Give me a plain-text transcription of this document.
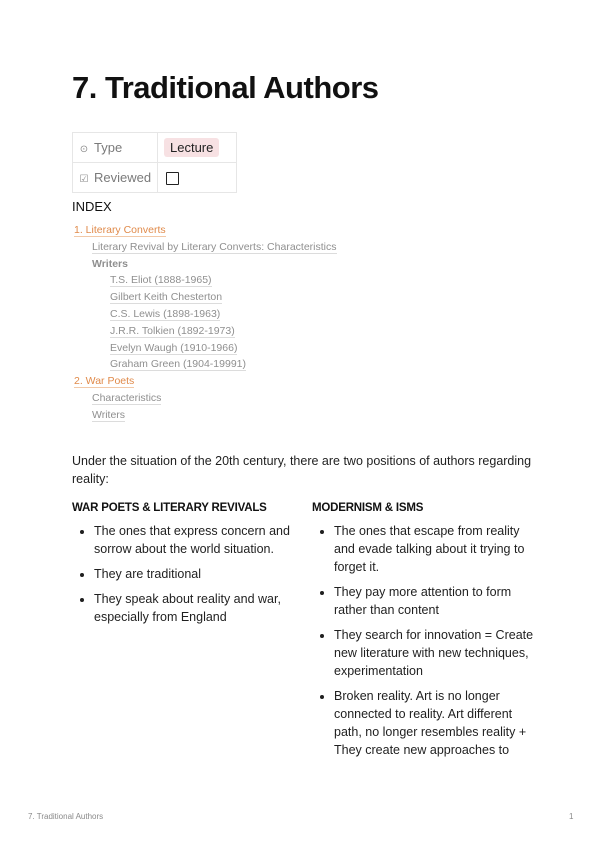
7. Traditional Authors
⊙ Type	Lecture
☑ Reviewed	
INDEX
1. Literary Converts
Literary Revival by Literary Converts: Characteristics
Writers
T.S. Eliot (1888-1965)
Gilbert Keith Chesterton
C.S. Lewis (1898-1963)
J.R.R. Tolkien (1892-1973)
Evelyn Waugh (1910-1966)
Graham Green (1904-19991)
2. War Poets
Characteristics
Writers
Under the situation of the 20th century, there are two positions of authors regarding reality:
WAR POETS & LITERARY REVIVALS
• The ones that express concern and sorrow about the world situation.
• They are traditional
• They speak about reality and war, especially from England
MODERNISM & ISMS
• The ones that escape from reality and evade talking about it trying to forget it.
• They pay more attention to form rather than content
• They search for innovation = Create new literature with new techniques, experimentation
• Broken reality. Art is no longer connected to reality. Art different path, no longer resembles reality + They create new approaches to
7. Traditional Authors	1
